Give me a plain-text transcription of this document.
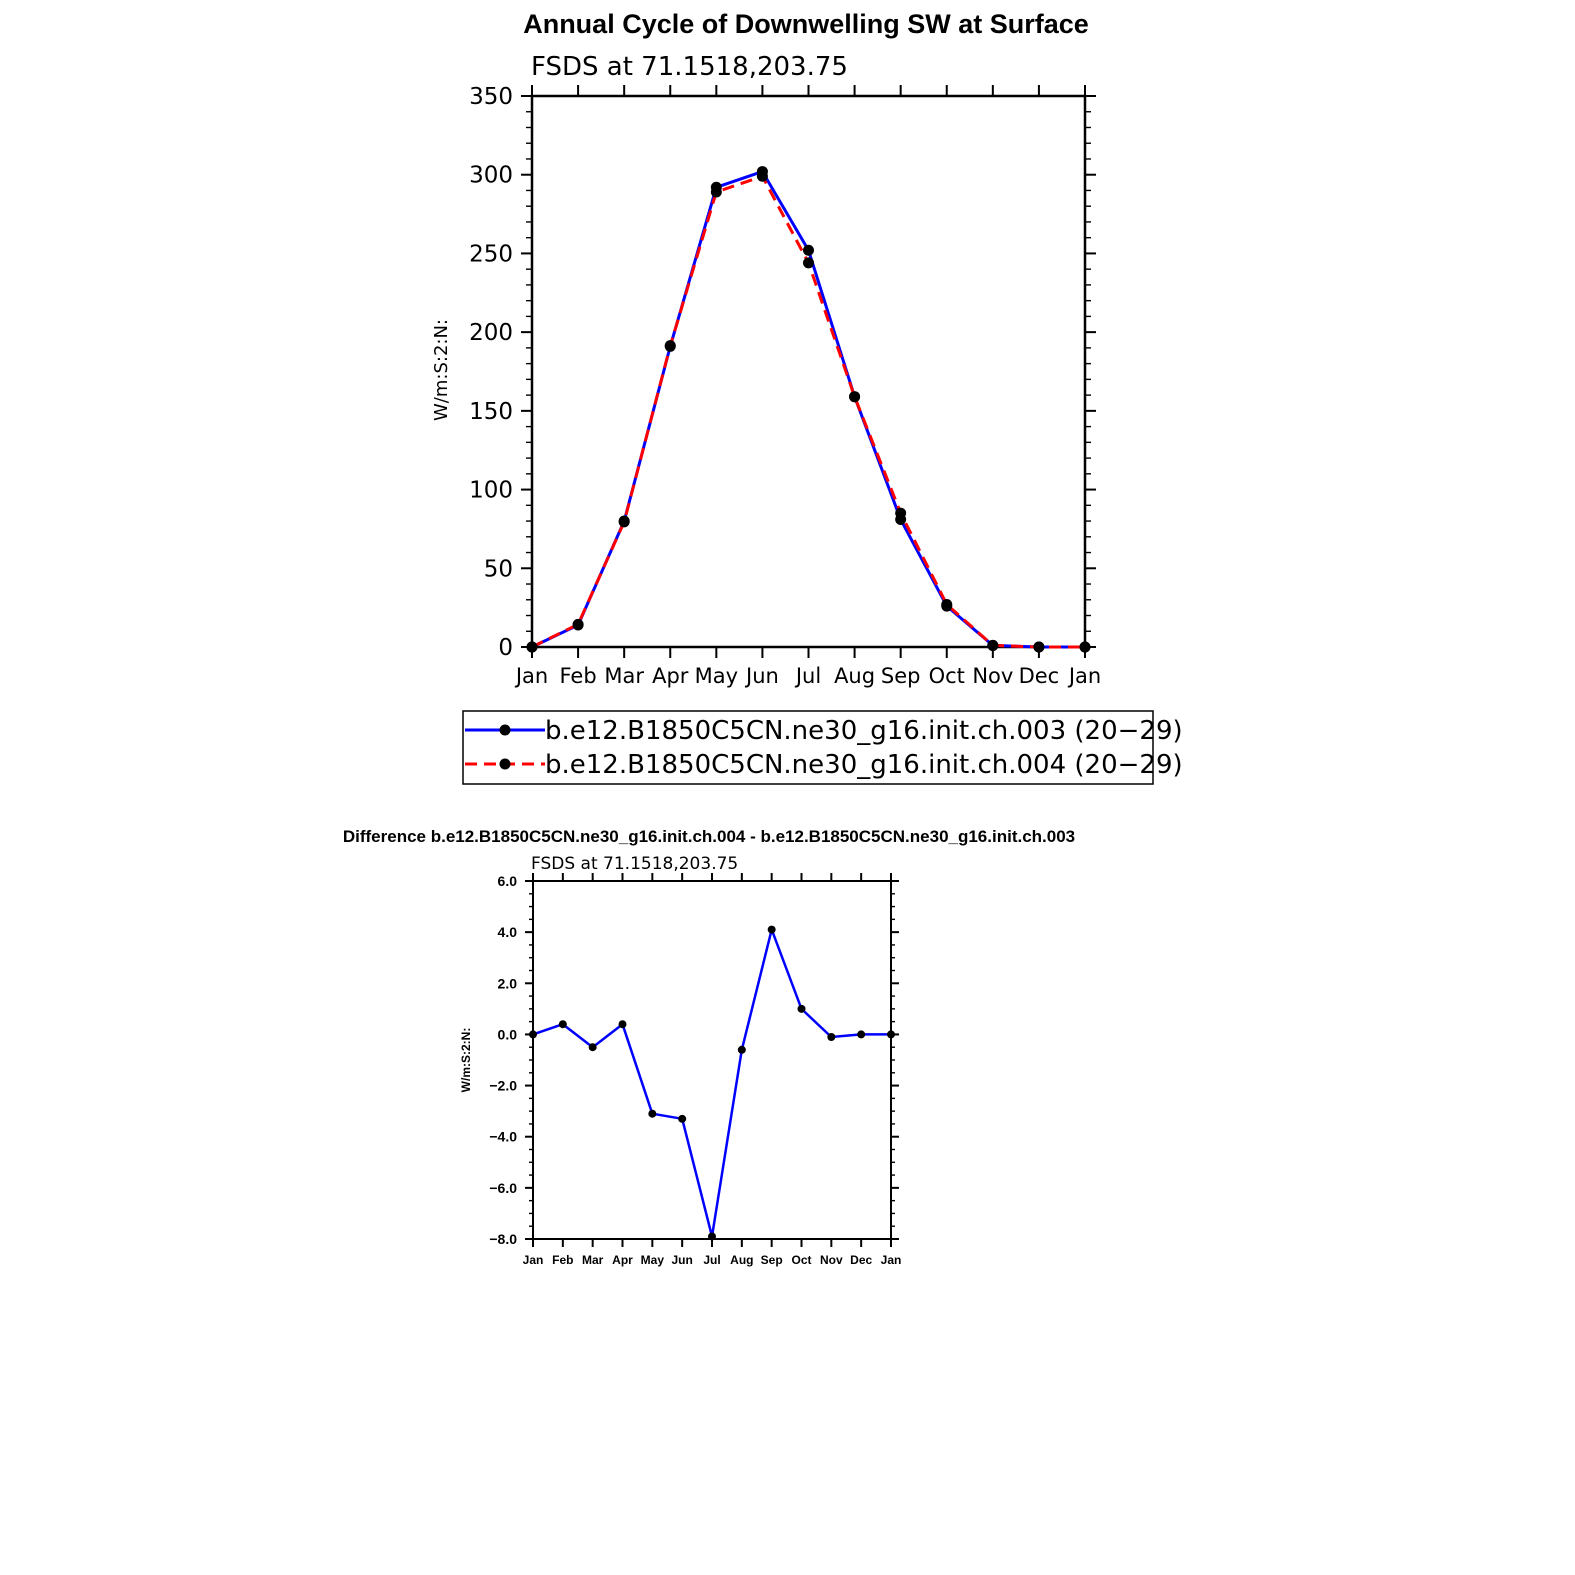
Annual Cycle of Downwelling SW at Surface
FSDS at 71.1518,203.75
W/m:S:2:N:
0
50
100
150
200
250
300
350
Jan Feb Mar Apr May Jun Jul Aug Sep Oct Nov Dec Jan
b.e12.B1850C5CN.ne30_g16.init.ch.003 (20−29)
b.e12.B1850C5CN.ne30_g16.init.ch.004 (20−29)
Difference b.e12.B1850C5CN.ne30_g16.init.ch.004 - b.e12.B1850C5CN.ne30_g16.init.ch.003
FSDS at 71.1518,203.75
W/m:S:2:N:
−8.0
−6.0
−4.0
−2.0
0.0
2.0
4.0
6.0
Jan Feb Mar Apr May Jun Jul Aug Sep Oct Nov Dec Jan
